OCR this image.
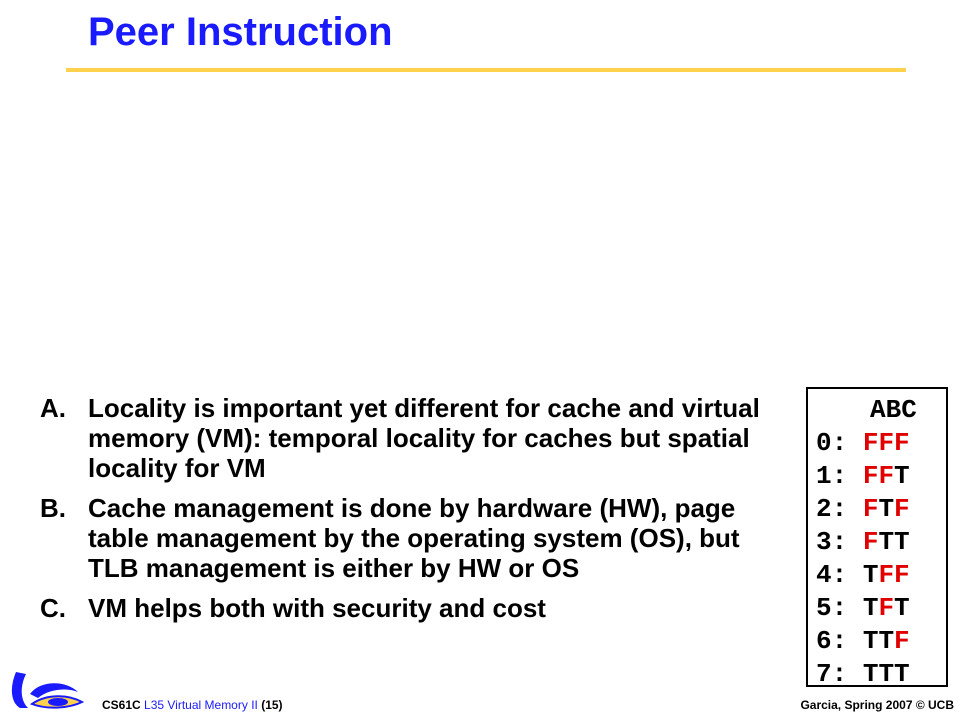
Peer Instruction
A. Locality is important yet different for cache and virtual memory (VM): temporal locality for caches but spatial locality for VM
B. Cache management is done by hardware (HW), page table management by the operating system (OS), but TLB management is either by HW or OS
C. VM helps both with security and cost
ABC
0: FFF
1: FFT
2: FTF
3: FTT
4: TFF
5: TFT
6: TTF
7: TTT
CS61C L35 Virtual Memory II (15)	Garcia, Spring 2007 © UCB
